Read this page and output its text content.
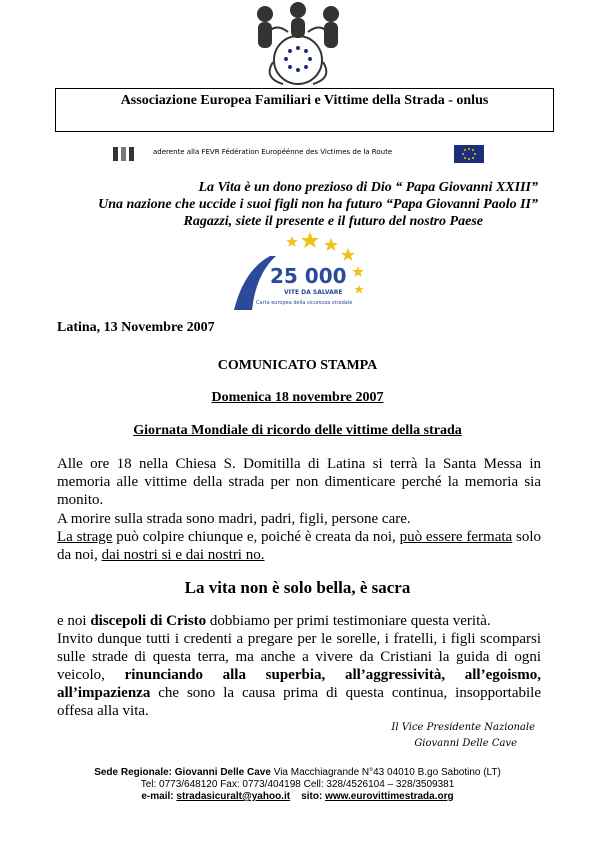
Associazione Europea Familiari e Vittime della Strada - onlus
aderente alla FEVR Fédération Européénne des Victimes de la Route
La Vita è un dono prezioso di Dio “ Papa Giovanni XXIII”
Una nazione che uccide i suoi figli non ha futuro “Papa Giovanni Paolo II”
Ragazzi, siete il presente e il futuro del nostro Paese
25 000
VITE DA SALVARE
Carta europea della sicurezza stradale
Latina, 13 Novembre 2007
COMUNICATO STAMPA
Domenica 18 novembre 2007
Giornata Mondiale di ricordo delle vittime della strada
Alle ore 18 nella Chiesa S. Domitilla di Latina si terrà la Santa Messa in memoria alle vittime della strada per non dimenticare perché la memoria sia monito.
A morire sulla strada sono madri, padri, figli, persone care.
La strage può colpire chiunque e, poiché è creata da noi, può essere fermata solo da noi, dai nostri si e dai nostri no.
La vita non è solo bella, è sacra
e noi discepoli di Cristo dobbiamo per primi testimoniare questa verità.
Invito dunque tutti i credenti a pregare per le sorelle, i fratelli, i figli scomparsi sulle strade di questa terra, ma anche a vivere da Cristiani la guida di ogni veicolo, rinunciando alla superbia, all’aggressività, all’egoismo, all’impazienza che sono la causa prima di questa continua, insopportabile offesa alla vita.
Il Vice Presidente Nazionale
Giovanni Delle Cave
Sede Regionale: Giovanni Delle Cave Via Macchiagrande N°43 04010 B.go Sabotino (LT)
Tel: 0773/648120 Fax: 0773/404198 Cell: 328/4526104 – 328/3509381
e-mail: stradasicuralt@yahoo.it    sito: www.eurovittimestrada.org
